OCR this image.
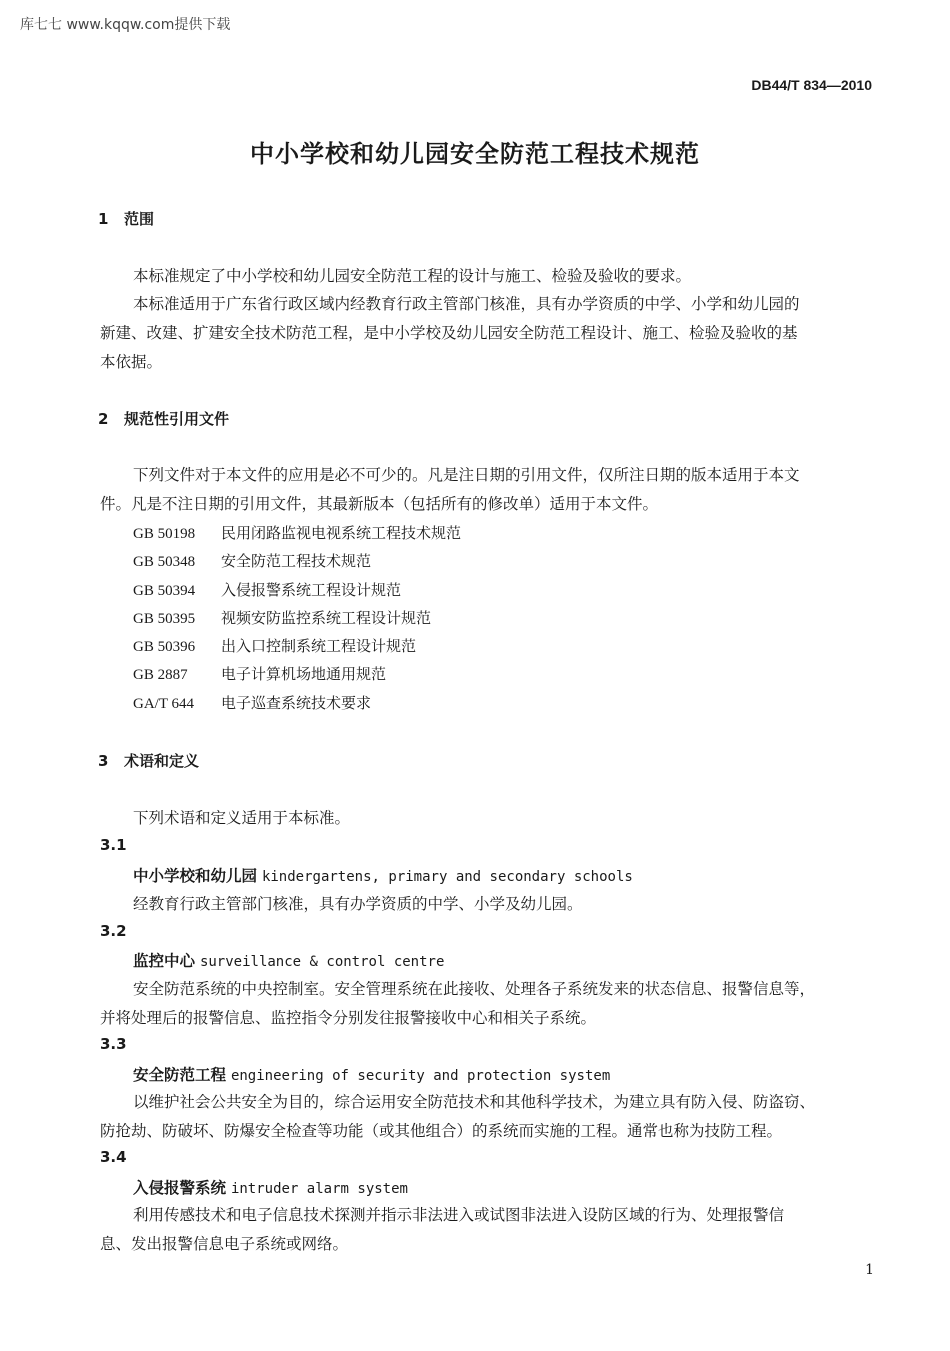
库七七 www.kqqw.com提供下载
DB44/T 834—2010
中小学校和幼儿园安全防范工程技术规范
1 范围
本标准规定了中小学校和幼儿园安全防范工程的设计与施工、检验及验收的要求。
本标准适用于广东省行政区域内经教育行政主管部门核准，具有办学资质的中学、小学和幼儿园的
新建、改建、扩建安全技术防范工程，是中小学校及幼儿园安全防范工程设计、施工、检验及验收的基
本依据。
2 规范性引用文件
下列文件对于本文件的应用是必不可少的。凡是注日期的引用文件，仅所注日期的版本适用于本文
件。凡是不注日期的引用文件，其最新版本（包括所有的修改单）适用于本文件。
GB 50198 民用闭路监视电视系统工程技术规范
GB 50348 安全防范工程技术规范
GB 50394 入侵报警系统工程设计规范
GB 50395 视频安防监控系统工程设计规范
GB 50396 出入口控制系统工程设计规范
GB 2887 电子计算机场地通用规范
GA/T 644 电子巡查系统技术要求
3 术语和定义
下列术语和定义适用于本标准。
3.1
中小学校和幼儿园 kindergartens, primary and secondary schools
经教育行政主管部门核准，具有办学资质的中学、小学及幼儿园。
3.2
监控中心 surveillance & control centre
安全防范系统的中央控制室。安全管理系统在此接收、处理各子系统发来的状态信息、报警信息等，
并将处理后的报警信息、监控指令分别发往报警接收中心和相关子系统。
3.3
安全防范工程 engineering of security and protection system
以维护社会公共安全为目的，综合运用安全防范技术和其他科学技术，为建立具有防入侵、防盗窃、
防抢劫、防破坏、防爆安全检查等功能（或其他组合）的系统而实施的工程。通常也称为技防工程。
3.4
入侵报警系统 intruder alarm system
利用传感技术和电子信息技术探测并指示非法进入或试图非法进入设防区域的行为、处理报警信
息、发出报警信息电子系统或网络。
1
